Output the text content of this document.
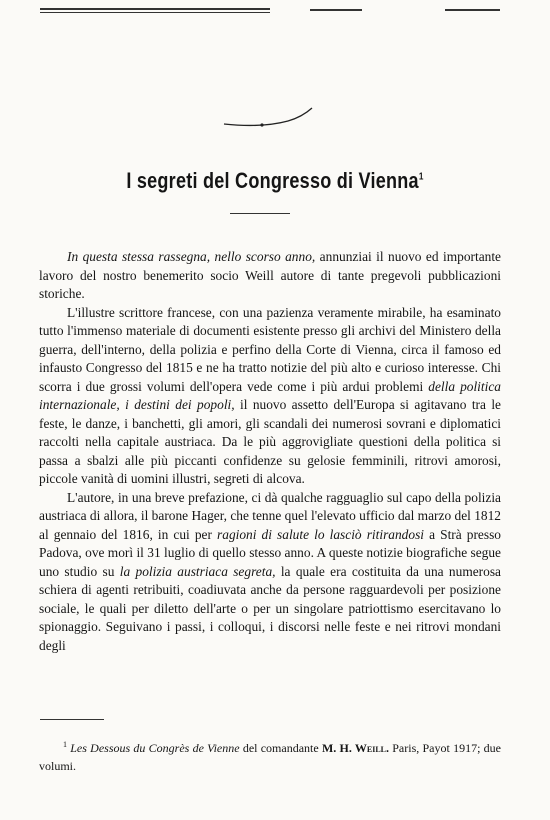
I segreti del Congresso di Vienna$^1$

In questa stessa rassegna, nello scorso anno, annunziai il nuovo ed importante lavoro del nostro benemerito socio Weill autore di tante pregevoli pubblicazioni storiche.

L'illustre scrittore francese, con una pazienza veramente mirabile, ha esaminato tutto l'immenso materiale di documenti esistente presso gli archivi del Ministero della guerra, dell'interno, della polizia e perfino della Corte di Vienna, circa il famoso ed infausto Congresso del 1815 e ne ha tratto notizie del più alto e curioso interesse. Chi scorra i due grossi volumi dell'opera vede come i più ardui problemi della politica internazionale, i destini dei popoli, il nuovo assetto dell'Europa si agitavano tra le feste, le danze, i banchetti, gli amori, gli scandali dei numerosi sovrani e diplomatici raccolti nella capitale austriaca. Da le più aggrovigliate questioni della politica si passa a sbalzi alle più piccanti confidenze su gelosie femminili, ritrovi amorosi, piccole vanità di uomini illustri, segreti di alcova.

L'autore, in una breve prefazione, ci dà qualche ragguaglio sul capo della polizia austriaca di allora, il barone Hager, che tenne quel l'elevato ufficio dal marzo del 1812 al gennaio del 1816, in cui per ragioni di salute lo lasciò ritirandosi a Strà presso Padova, ove morì il 31 luglio di quello stesso anno. A queste notizie biografiche segue uno studio su la polizia austriaca segreta, la quale era costituita da una numerosa schiera di agenti retribuiti, coadiuvata anche da persone ragguardevoli per posizione sociale, le quali per diletto dell'arte o per un singolare patriottismo esercitavano lo spionaggio. Seguivano i passi, i colloqui, i discorsi nelle feste e nei ritrovi mondani degli

$^1$ Les Dessous du Congrès de Vienne del comandante M. H. Weill. Paris, Payot 1917; due volumi.
